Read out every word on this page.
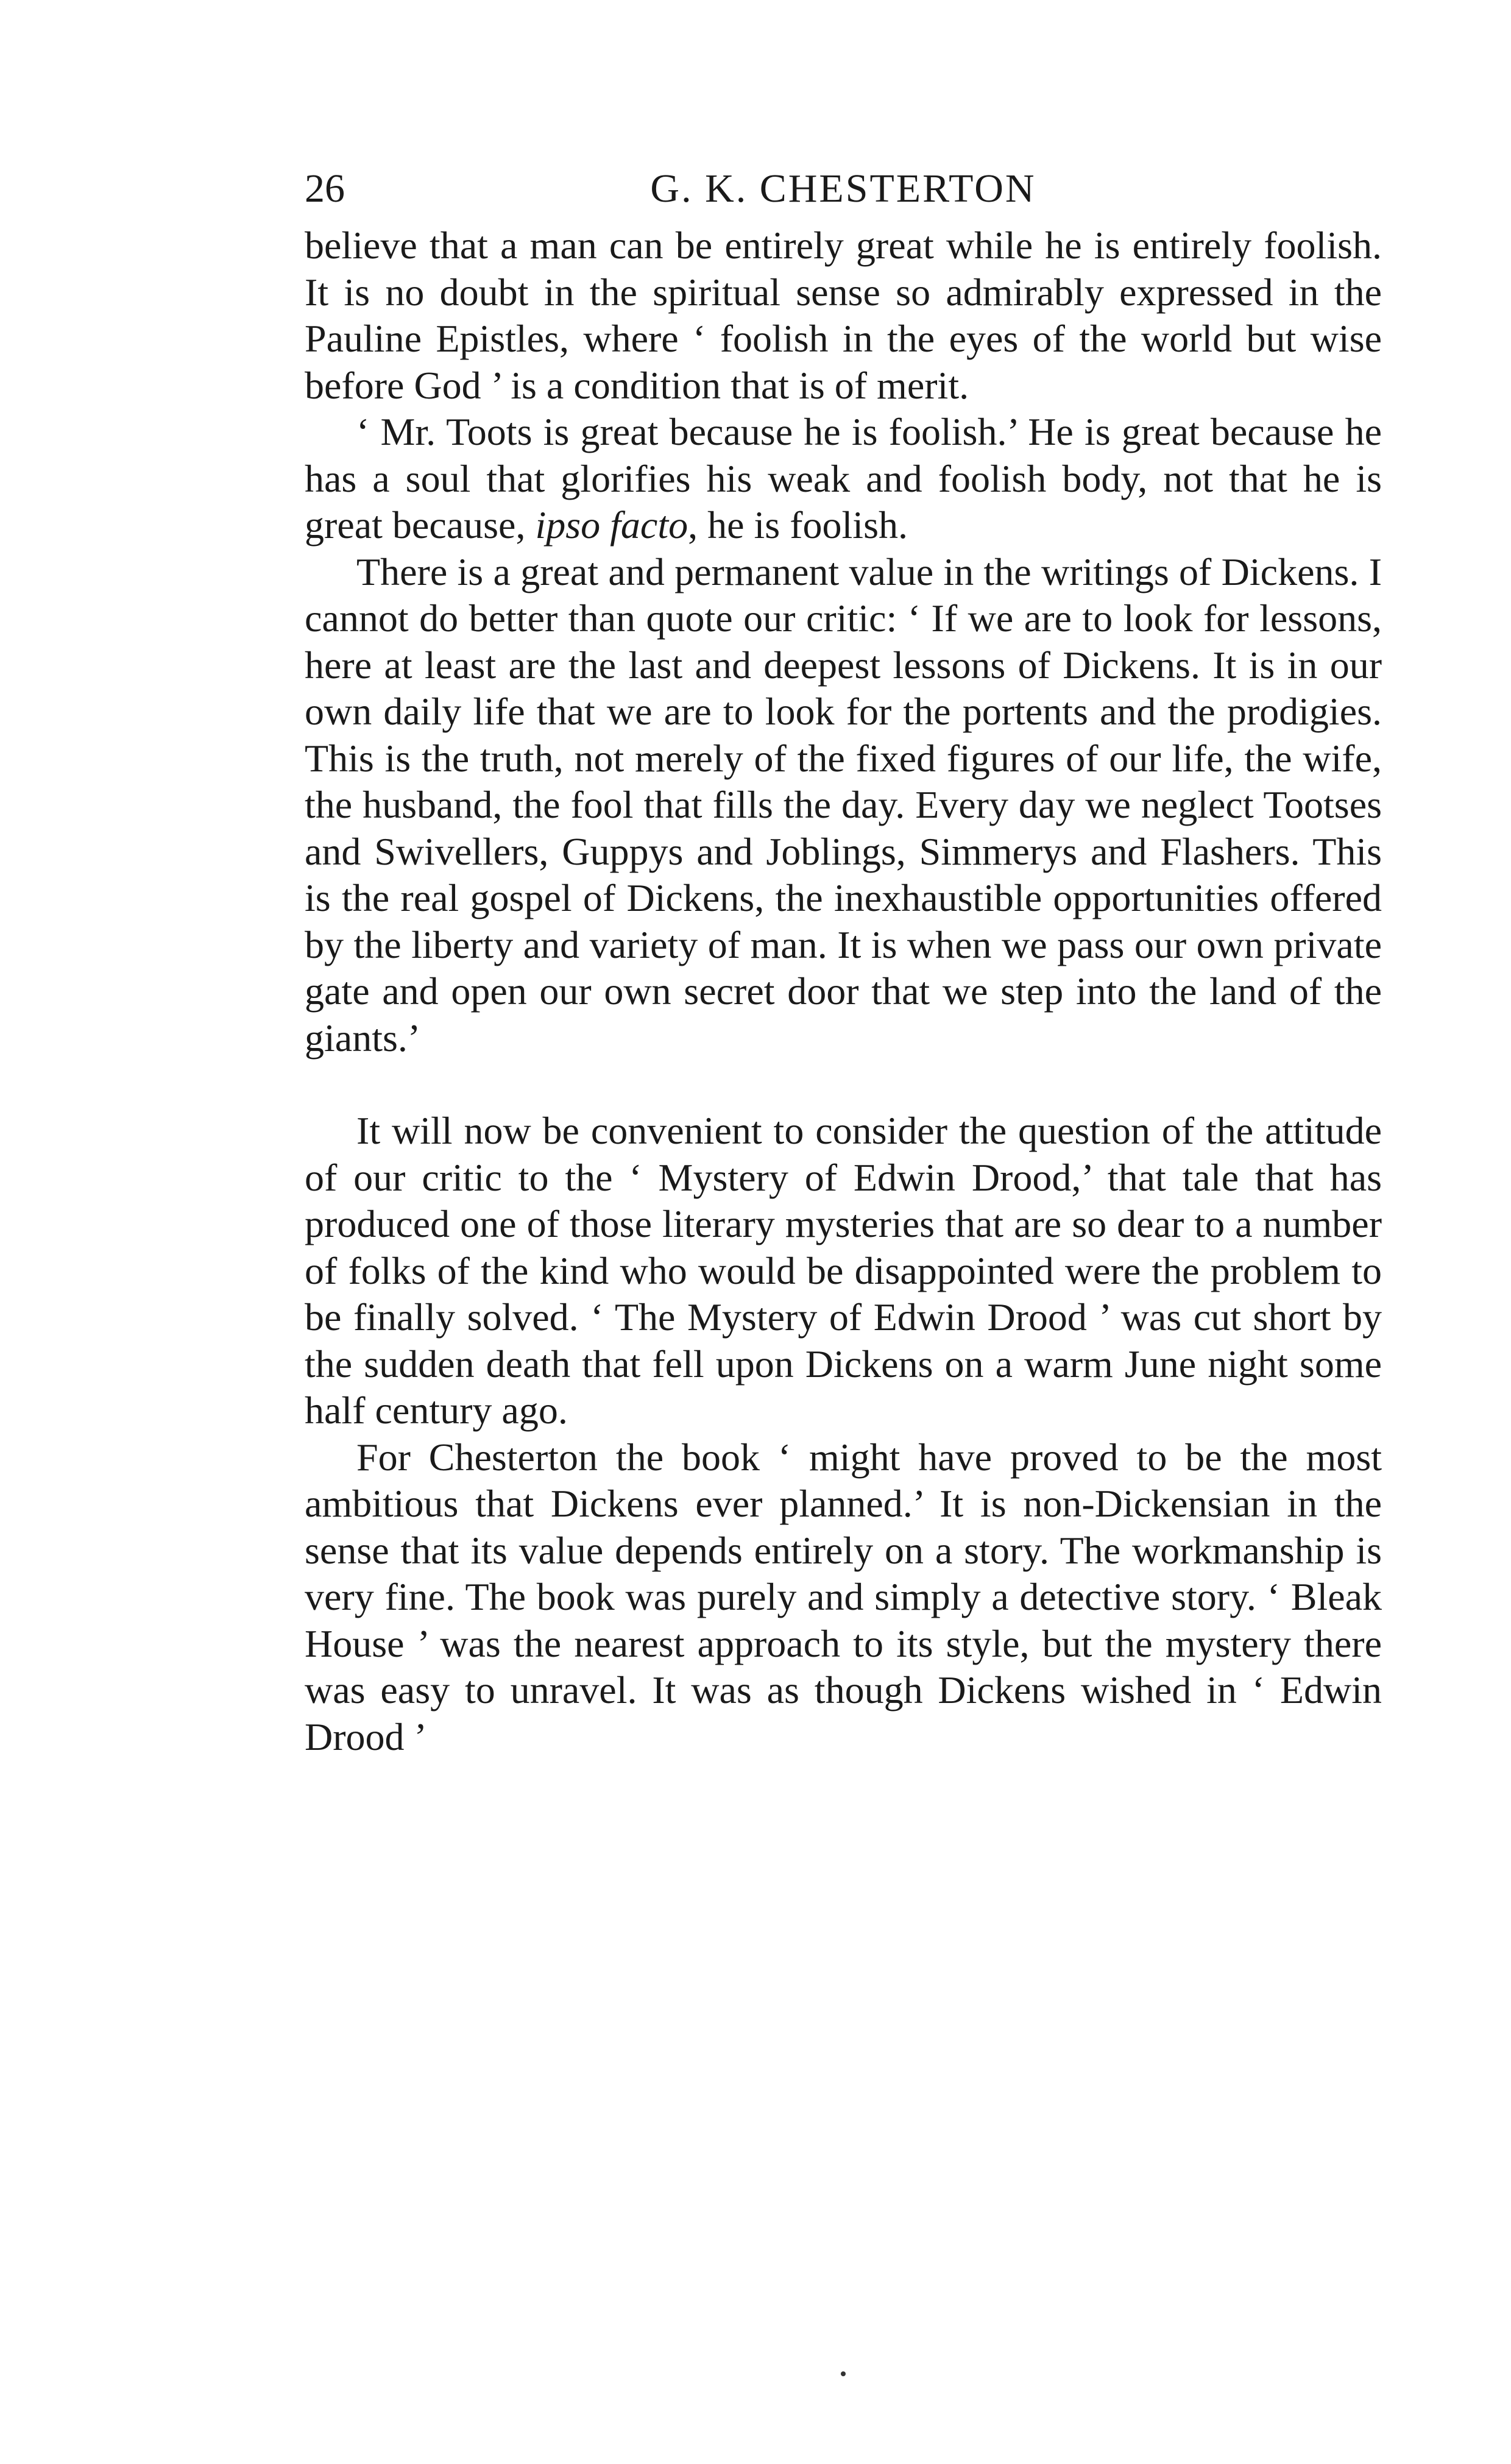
26	G. K. CHESTERTON

believe that a man can be entirely great while he is entirely foolish. It is no doubt in the spiritual sense so admirably expressed in the Pauline Epistles, where ‘ foolish in the eyes of the world but wise before God ’ is a condition that is of merit.

‘ Mr. Toots is great because he is foolish.’ He is great because he has a soul that glorifies his weak and foolish body, not that he is great because, ipso facto, he is foolish.

There is a great and permanent value in the writings of Dickens. I cannot do better than quote our critic: ‘ If we are to look for lessons, here at least are the last and deepest lessons of Dickens. It is in our own daily life that we are to look for the portents and the prodigies. This is the truth, not merely of the fixed figures of our life, the wife, the husband, the fool that fills the day. Every day we neglect Tootses and Swivellers, Guppys and Joblings, Simmerys and Flashers. This is the real gospel of Dickens, the inexhaustible opportunities offered by the liberty and variety of man. It is when we pass our own private gate and open our own secret door that we step into the land of the giants.’

It will now be convenient to consider the question of the attitude of our critic to the ‘ Mystery of Edwin Drood,’ that tale that has produced one of those literary mysteries that are so dear to a number of folks of the kind who would be disappointed were the problem to be finally solved. ‘ The Mystery of Edwin Drood ’ was cut short by the sudden death that fell upon Dickens on a warm June night some half century ago.

For Chesterton the book ‘ might have proved to be the most ambitious that Dickens ever planned.’ It is non-Dickensian in the sense that its value depends entirely on a story. The workmanship is very fine. The book was purely and simply a detective story. ‘ Bleak House ’ was the nearest approach to its style, but the mystery there was easy to unravel. It was as though Dickens wished in ‘ Edwin Drood ’
